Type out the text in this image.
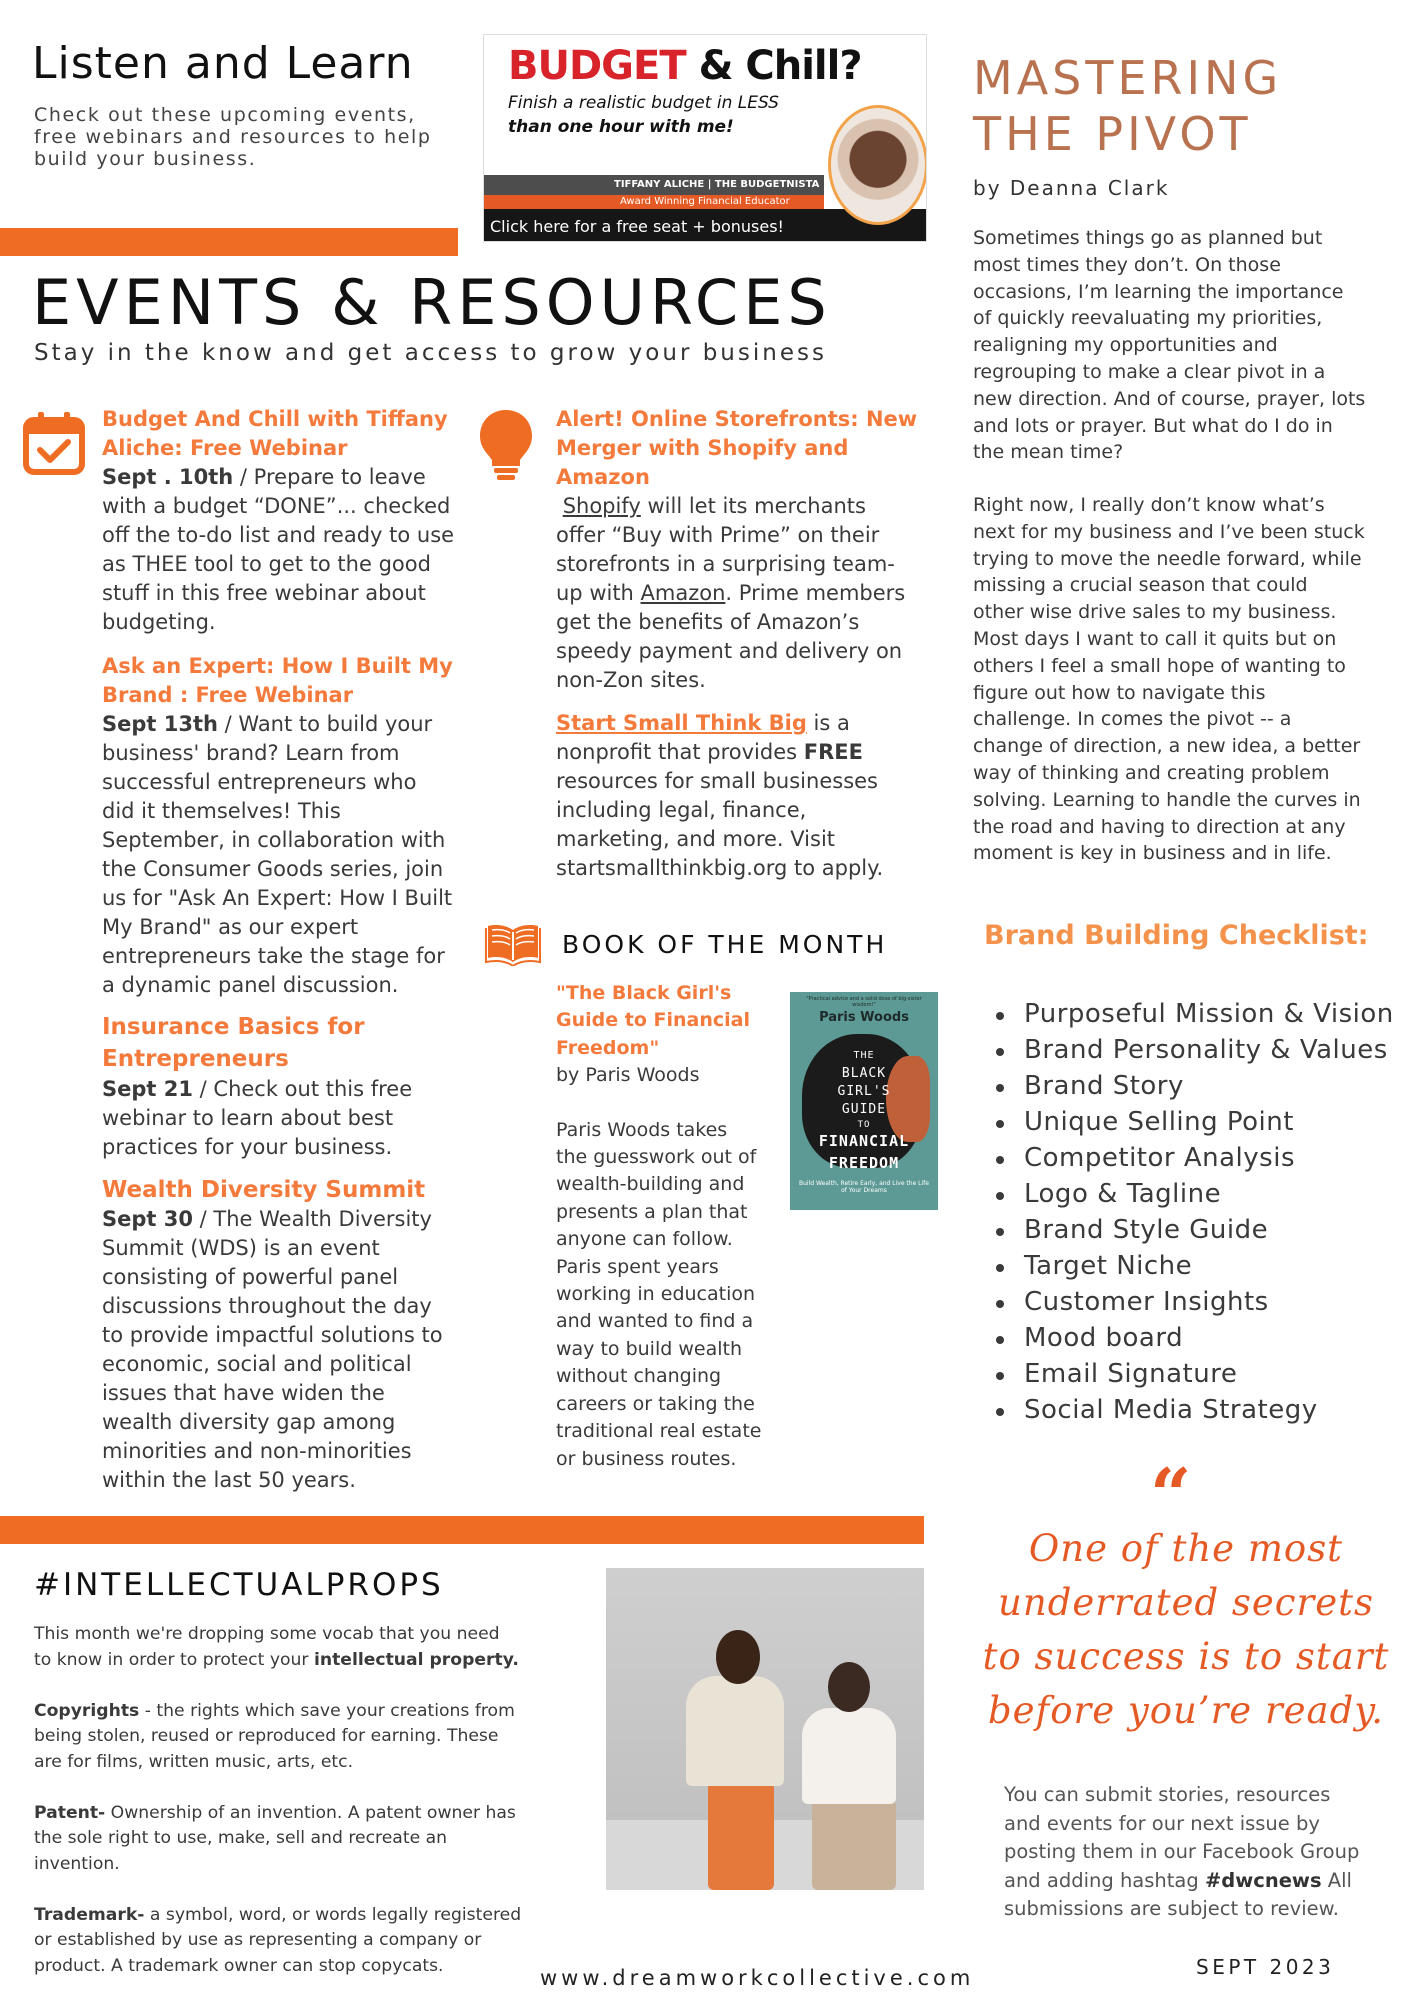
Listen and Learn
Check out these upcoming events,
free webinars and resources to help
build your business.
BUDGET & Chill?
Finish a realistic budget in LESS
than one hour with me!
TIFFANY ALICHE | THE BUDGETNISTA
Award Winning Financial Educator
Click here for a free seat + bonuses!
MASTERING
THE PIVOT
by Deanna Clark
Sometimes things go as planned but
most times they don’t. On those
occasions, I’m learning the importance
of quickly reevaluating my priorities,
realigning my opportunities and
regrouping to make a clear pivot in a
new direction. And of course, prayer, lots
and lots or prayer. But what do I do in
the mean time?
Right now, I really don’t know what’s
next for my business and I’ve been stuck
trying to move the needle forward, while
missing a crucial season that could
other wise drive sales to my business.
Most days I want to call it quits but on
others I feel a small hope of wanting to
figure out how to navigate this
challenge. In comes the pivot -- a
change of direction, a new idea, a better
way of thinking and creating problem
solving. Learning to handle the curves in
the road and having to direction at any
moment is key in business and in life.
EVENTS & RESOURCES
Stay in the know and get access to grow your business
Budget And Chill with Tiffany
Aliche: Free Webinar
Sept . 10th / Prepare to leave
with a budget “DONE”... checked
off the to-do list and ready to use
as THEE tool to get to the good
stuff in this free webinar about
budgeting.
Ask an Expert: How I Built My
Brand : Free Webinar
Sept 13th / Want to build your
business' brand? Learn from
successful entrepreneurs who
did it themselves! This
September, in collaboration with
the Consumer Goods series, join
us for "Ask An Expert: How I Built
My Brand" as our expert
entrepreneurs take the stage for
a dynamic panel discussion.
Insurance Basics for
Entrepreneurs
Sept 21 / Check out this free
webinar to learn about best
practices for your business.
Wealth Diversity Summit
Sept 30 / The Wealth Diversity
Summit (WDS) is an event
consisting of powerful panel
discussions throughout the day
to provide impactful solutions to
economic, social and political
issues that have widen the
wealth diversity gap among
minorities and non-minorities
within the last 50 years.
Alert! Online Storefronts: New
Merger with Shopify and Amazon
Shopify will let its merchants
offer “Buy with Prime” on their
storefronts in a surprising team-
up with Amazon. Prime members
get the benefits of Amazon’s
speedy payment and delivery on
non-Zon sites.
Start Small Think Big is a
nonprofit that provides FREE
resources for small businesses
including legal, finance,
marketing, and more. Visit
startsmallthinkbig.org to apply.
BOOK OF THE MONTH
"The Black Girl's
Guide to Financial
Freedom"
by Paris Woods
Paris Woods takes
the guesswork out of
wealth-building and
presents a plan that
anyone can follow.
Paris spent years
working in education
and wanted to find a
way to build wealth
without changing
careers or taking the
traditional real estate
or business routes.
"Practical advice and a solid dose of big-sister wisdom!"
Paris Woods
THE
BLACK
GIRL'S
GUIDE
TO
FINANCIAL
FREEDOM
Build Wealth, Retire Early, and Live the Life of Your Dreams
Brand Building Checklist:
Purposeful Mission & Vision
Brand Personality & Values
Brand Story
Unique Selling Point
Competitor Analysis
Logo & Tagline
Brand Style Guide
Target Niche
Customer Insights
Mood board
Email Signature
Social Media Strategy
“
One of the most
underrated secrets
to success is to start
before you’re ready.
You can submit stories, resources
and events for our next issue by
posting them in our Facebook Group
and adding hashtag #dwcnews All
submissions are subject to review.
#INTELLECTUALPROPS
This month we're dropping some vocab that you need
to know in order to protect your intellectual property.
Copyrights - the rights which save your creations from
being stolen, reused or reproduced for earning. These
are for films, written music, arts, etc.
Patent- Ownership of an invention. A patent owner has
the sole right to use, make, sell and recreate an
invention.
Trademark- a symbol, word, or words legally registered
or established by use as representing a company or
product. A trademark owner can stop copycats.
www.dreamworkcollective.com	SEPT 2023
